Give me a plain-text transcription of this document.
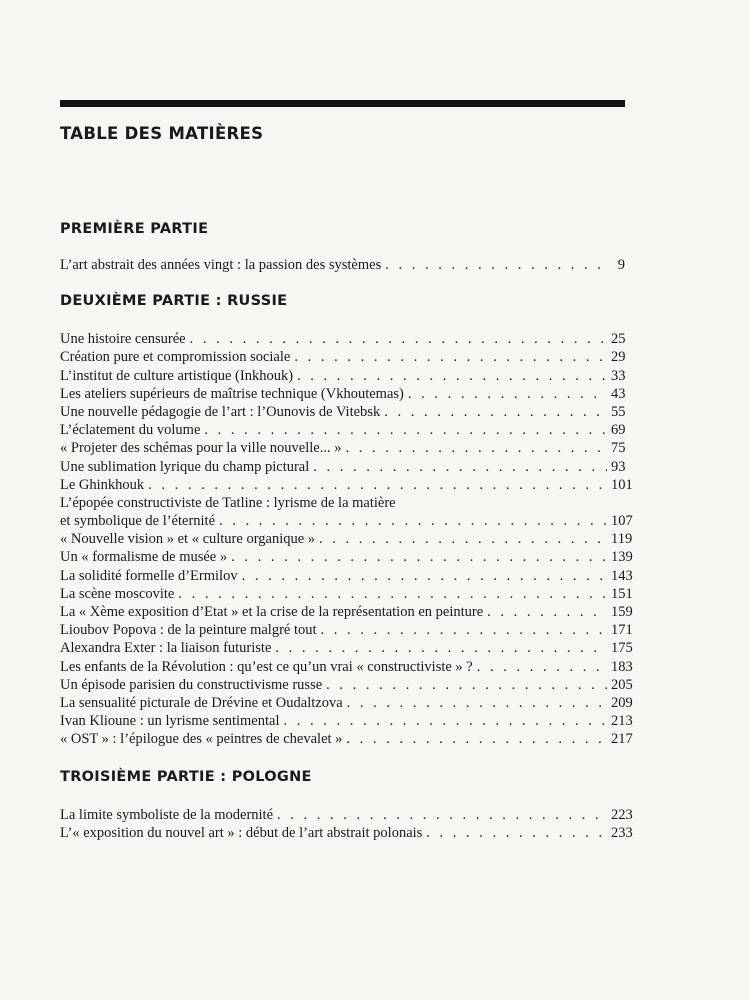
TABLE DES MATIÈRES
PREMIÈRE PARTIE
L’art abstrait des années vingt : la passion des systèmes . . .	9
DEUXIÈME PARTIE : RUSSIE
Une histoire censurée . . .	25
Création pure et compromission sociale . . .	29
L’institut de culture artistique (Inkhouk) . . .	33
Les ateliers supérieurs de maîtrise technique (Vkhoutemas) . . .	43
Une nouvelle pédagogie de l’art : l’Ounovis de Vitebsk . . .	55
L’éclatement du volume . . .	69
« Projeter des schémas pour la ville nouvelle... » . . .	75
Une sublimation lyrique du champ pictural . . .	93
Le Ghinkhouk . . .	101
L’épopée constructiviste de Tatline : lyrisme de la matière
et symbolique de l’éternité . . .	107
« Nouvelle vision » et « culture organique » . . .	119
Un « formalisme de musée » . . .	139
La solidité formelle d’Ermilov . . .	143
La scène moscovite . . .	151
La « Xème exposition d’Etat » et la crise de la représentation en peinture . . .	159
Lioubov Popova : de la peinture malgré tout . . .	171
Alexandra Exter : la liaison futuriste . . .	175
Les enfants de la Révolution : qu’est ce qu’un vrai « constructiviste » ? . . .	183
Un épisode parisien du constructivisme russe . . .	205
La sensualité picturale de Drévine et Oudaltzova . . .	209
Ivan Klioune : un lyrisme sentimental . . .	213
« OST » : l’épilogue des « peintres de chevalet » . . .	217
TROISIÈME PARTIE : POLOGNE
La limite symboliste de la modernité . . .	223
L’« exposition du nouvel art » : début de l’art abstrait polonais . . .	233
